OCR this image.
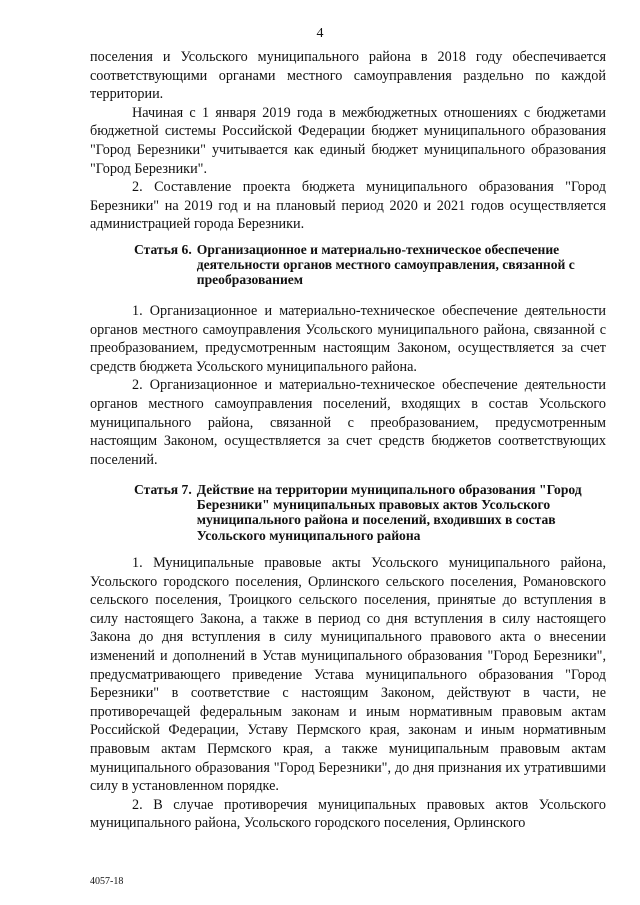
4

поселения и Усольского муниципального района в 2018 году обеспечивается соответствующими органами местного самоуправления раздельно по каждой территории.

Начиная с 1 января 2019 года в межбюджетных отношениях с бюджетами бюджетной системы Российской Федерации бюджет муниципального образования "Город Березники" учитывается как единый бюджет муниципального образования "Город Березники".

2. Составление проекта бюджета муниципального образования "Город Березники" на 2019 год и на плановый период 2020 и 2021 годов осуществляется администрацией города Березники.

Статья 6. Организационное и материально-техническое обеспечение деятельности органов местного самоуправления, связанной с преобразованием

1. Организационное и материально-техническое обеспечение деятельности органов местного самоуправления Усольского муниципального района, связанной с преобразованием, предусмотренным настоящим Законом, осуществляется за счет средств бюджета Усольского муниципального района.

2. Организационное и материально-техническое обеспечение деятельности органов местного самоуправления поселений, входящих в состав Усольского муниципального района, связанной с преобразованием, предусмотренным настоящим Законом, осуществляется за счет средств бюджетов соответствующих поселений.

Статья 7. Действие на территории муниципального образования "Город Березники" муниципальных правовых актов Усольского муниципального района и поселений, входивших в состав Усольского муниципального района

1. Муниципальные правовые акты Усольского муниципального района, Усольского городского поселения, Орлинского сельского поселения, Романовского сельского поселения, Троицкого сельского поселения, принятые до вступления в силу настоящего Закона, а также в период со дня вступления в силу настоящего Закона до дня вступления в силу муниципального правового акта о внесении изменений и дополнений в Устав муниципального образования "Город Березники", предусматривающего приведение Устава муниципального образования "Город Березники" в соответствие с настоящим Законом, действуют в части, не противоречащей федеральным законам и иным нормативным правовым актам Российской Федерации, Уставу Пермского края, законам и иным нормативным правовым актам Пермского края, а также муниципальным правовым актам муниципального образования "Город Березники", до дня признания их утратившими силу в установленном порядке.

2. В случае противоречия муниципальных правовых актов Усольского муниципального района, Усольского городского поселения, Орлинского

4057-18
